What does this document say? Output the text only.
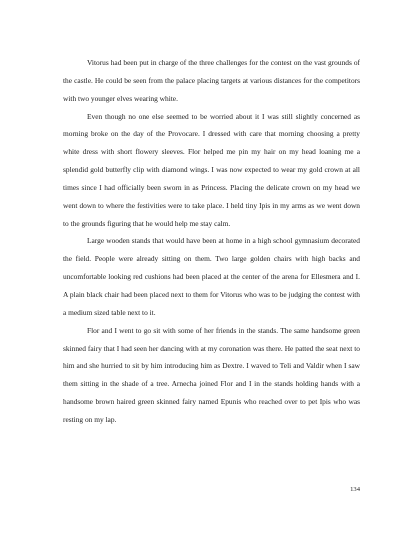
Vitorus had been put in charge of the three challenges for the contest on the vast grounds of the castle. He could be seen from the palace placing targets at various distances for the competitors with two younger elves wearing white.

Even though no one else seemed to be worried about it I was still slightly concerned as morning broke on the day of the Provocare. I dressed with care that morning choosing a pretty white dress with short flowery sleeves. Flor helped me pin my hair on my head loaning me a splendid gold butterfly clip with diamond wings. I was now expected to wear my gold crown at all times since I had officially been sworn in as Princess. Placing the delicate crown on my head we went down to where the festivities were to take place. I held tiny Ipis in my arms as we went down to the grounds figuring that he would help me stay calm.

Large wooden stands that would have been at home in a high school gymnasium decorated the field. People were already sitting on them. Two large golden chairs with high backs and uncomfortable looking red cushions had been placed at the center of the arena for Ellesmera and I. A plain black chair had been placed next to them for Vitorus who was to be judging the contest with a medium sized table next to it.

Flor and I went to go sit with some of her friends in the stands. The same handsome green skinned fairy that I had seen her dancing with at my coronation was there. He patted the seat next to him and she hurried to sit by him introducing him as Dextre. I waved to Teli and Valdir when I saw them sitting in the shade of a tree. Arnecha joined Flor and I in the stands holding hands with a handsome brown haired green skinned fairy named Epunis who reached over to pet Ipis who was resting on my lap.

134
